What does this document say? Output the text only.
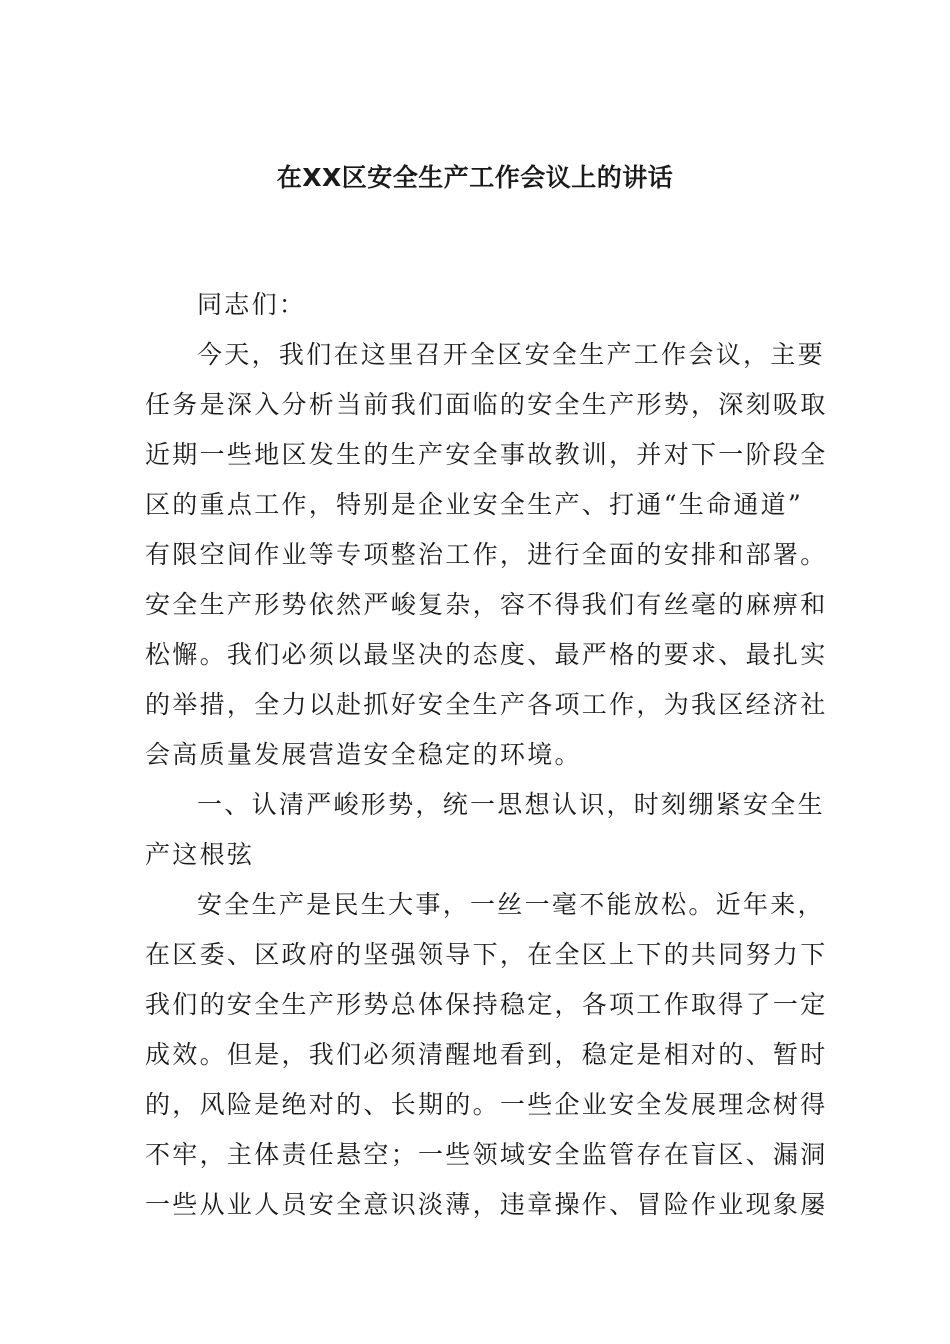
在XX区安全生产工作会议上的讲话
同志们：
今天，我们在这里召开全区安全生产工作会议，主要
任务是深入分析当前我们面临的安全生产形势，深刻吸取
近期一些地区发生的生产安全事故教训，并对下一阶段全
区的重点工作，特别是企业安全生产、打通“生命通道”
有限空间作业等专项整治工作，进行全面的安排和部署。
安全生产形势依然严峻复杂，容不得我们有丝毫的麻痹和
松懈。我们必须以最坚决的态度、最严格的要求、最扎实
的举措，全力以赴抓好安全生产各项工作，为我区经济社
会高质量发展营造安全稳定的环境。
一、认清严峻形势，统一思想认识，时刻绷紧安全生
产这根弦
安全生产是民生大事，一丝一毫不能放松。近年来，
在区委、区政府的坚强领导下，在全区上下的共同努力下
我们的安全生产形势总体保持稳定，各项工作取得了一定
成效。但是，我们必须清醒地看到，稳定是相对的、暂时
的，风险是绝对的、长期的。一些企业安全发展理念树得
不牢，主体责任悬空；一些领域安全监管存在盲区、漏洞
一些从业人员安全意识淡薄，违章操作、冒险作业现象屡
